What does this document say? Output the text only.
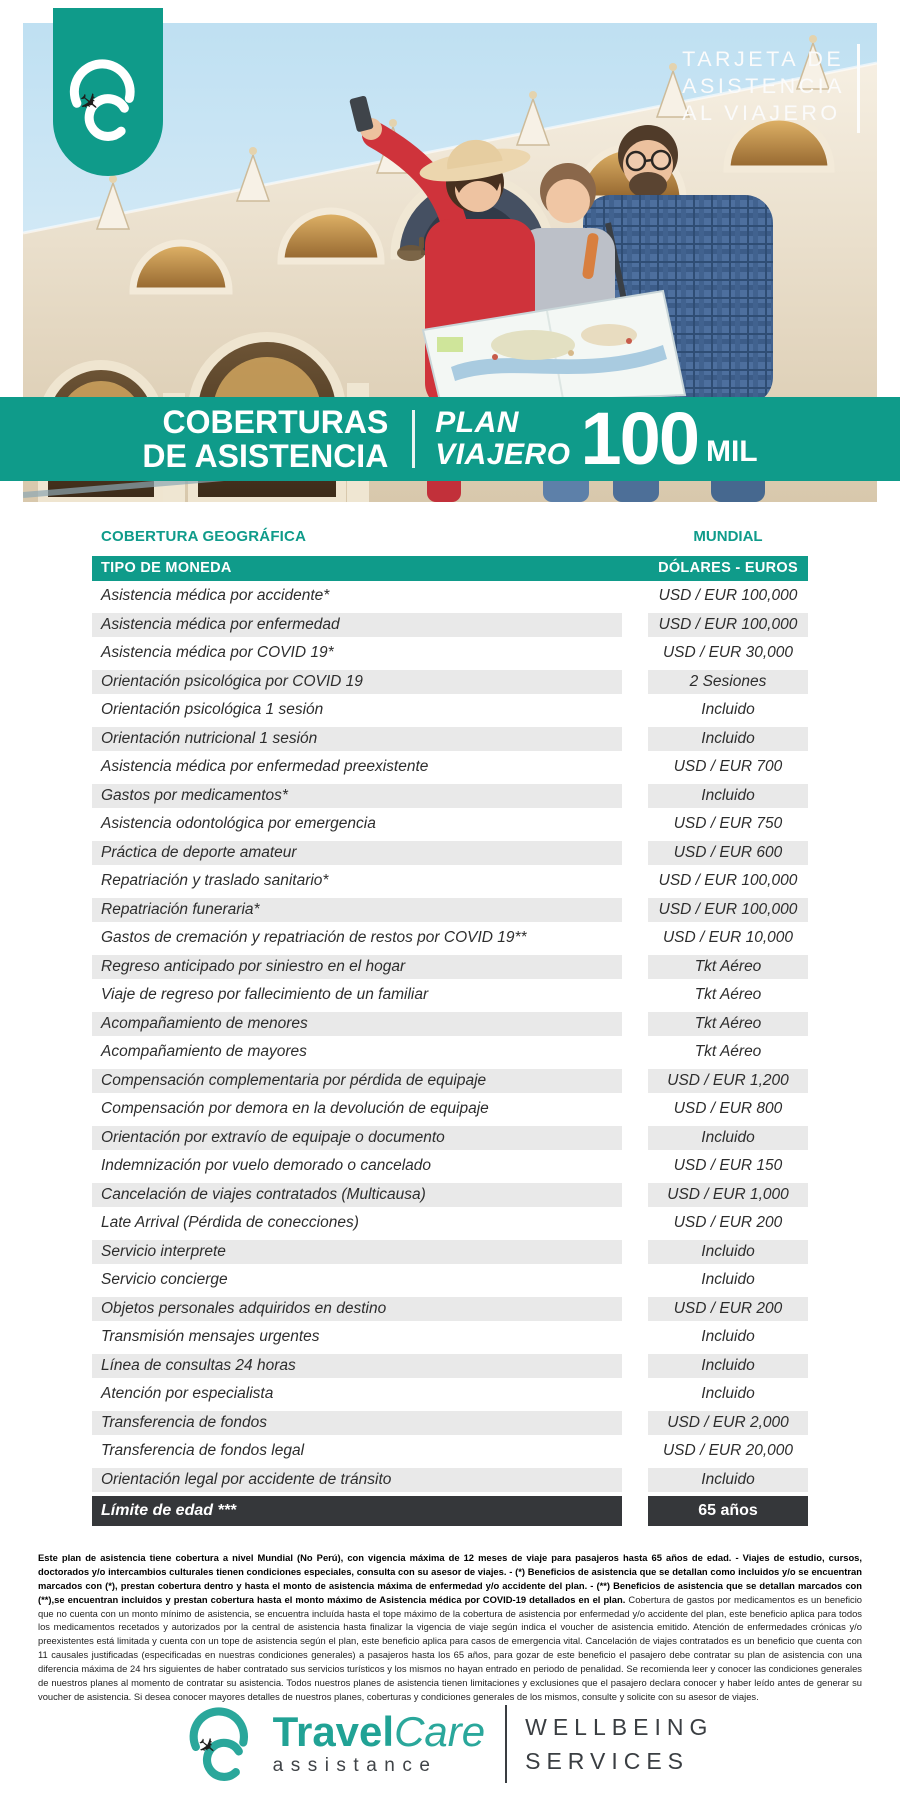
✈
TARJETA DE
ASISTENCIA
AL VIAJERO
COBERTURAS
DE ASISTENCIA
PLAN
VIAJERO 100 MIL
COBERTURA GEOGRÁFICA	MUNDIAL
TIPO DE MONEDA	DÓLARES - EUROS
Asistencia médica por accidente*	USD / EUR 100,000
Asistencia médica por enfermedad	USD / EUR 100,000
Asistencia médica por COVID 19*	USD / EUR 30,000
Orientación psicológica por COVID 19	2 Sesiones
Orientación psicológica 1 sesión	Incluido
Orientación nutricional 1 sesión	Incluido
Asistencia médica por enfermedad preexistente	USD / EUR 700
Gastos por medicamentos*	Incluido
Asistencia odontológica por emergencia	USD / EUR 750
Práctica de deporte amateur	USD / EUR 600
Repatriación y traslado sanitario*	USD / EUR 100,000
Repatriación funeraria*	USD / EUR 100,000
Gastos de cremación y repatriación de restos por COVID 19**	USD / EUR 10,000
Regreso anticipado por siniestro en el hogar	Tkt Aéreo
Viaje de regreso por fallecimiento de un familiar	Tkt Aéreo
Acompañamiento de menores	Tkt Aéreo
Acompañamiento de mayores	Tkt Aéreo
Compensación complementaria por pérdida de equipaje	USD / EUR 1,200
Compensación por demora en la devolución de equipaje	USD / EUR 800
Orientación por extravío de equipaje o documento	Incluido
Indemnización por vuelo demorado o cancelado	USD / EUR 150
Cancelación de viajes contratados (Multicausa)	USD / EUR 1,000
Late Arrival (Pérdida de conecciones)	USD / EUR 200
Servicio interprete	Incluido
Servicio concierge	Incluido
Objetos personales adquiridos en destino	USD / EUR 200
Transmisión mensajes urgentes	Incluido
Línea de consultas 24 horas	Incluido
Atención por especialista	Incluido
Transferencia de fondos	USD / EUR 2,000
Transferencia de fondos legal	USD / EUR 20,000
Orientación legal por accidente de tránsito	Incluido
Límite de edad ***	65 años

Este plan de asistencia tiene cobertura a nivel Mundial (No Perú), con vigencia máxima de 12 meses de viaje para pasajeros hasta 65 años de edad. - Viajes de estudio, cursos, doctorados y/o intercambios culturales tienen condiciones especiales, consulta con su asesor de viajes. - (*) Beneficios de asistencia que se detallan como incluidos y/o se encuentran marcados con (*), prestan cobertura dentro y hasta el monto de asistencia máxima de enfermedad y/o accidente del plan. - (**) Beneficios de asistencia que se detallan marcados con (**),se encuentran incluidos y prestan cobertura hasta el monto máximo de Asistencia médica por COVID-19 detallados en el plan. Cobertura de gastos por medicamentos es un beneficio que no cuenta con un monto mínimo de asistencia, se encuentra incluída hasta el tope máximo de la cobertura de asistencia por enfermedad y/o accidente del plan, este beneficio aplica para todos los medicamentos recetados y autorizados por la central de asistencia hasta finalizar la vigencia de viaje según indica el voucher de asistencia emitido. Atención de enfermedades crónicas y/o preexistentes está limitada y cuenta con un tope de asistencia según el plan, este beneficio aplica para casos de emergencia vital. Cancelación de viajes contratados es un beneficio que cuenta con 11 causales justificadas (especificadas en nuestras condiciones generales) a pasajeros hasta los 65 años, para gozar de este beneficio el pasajero debe contratar su plan de asistencia con una diferencia máxima de 24 hrs siguientes de haber contratado sus servicios turísticos y los mismos no hayan entrado en periodo de penalidad. Se recomienda leer y conocer las condiciones generales de nuestros planes al momento de contratar su asistencia. Todos nuestros planes de asistencia tienen limitaciones y exclusiones que el pasajero declara conocer y haber leído antes de generar su voucher de asistencia. Si desea conocer mayores detalles de nuestros planes, coberturas y condiciones generales de los mismos, consulte y solicite con su asesor de viajes.

✈ TravelCare
assistance
WELLBEING
SERVICES
